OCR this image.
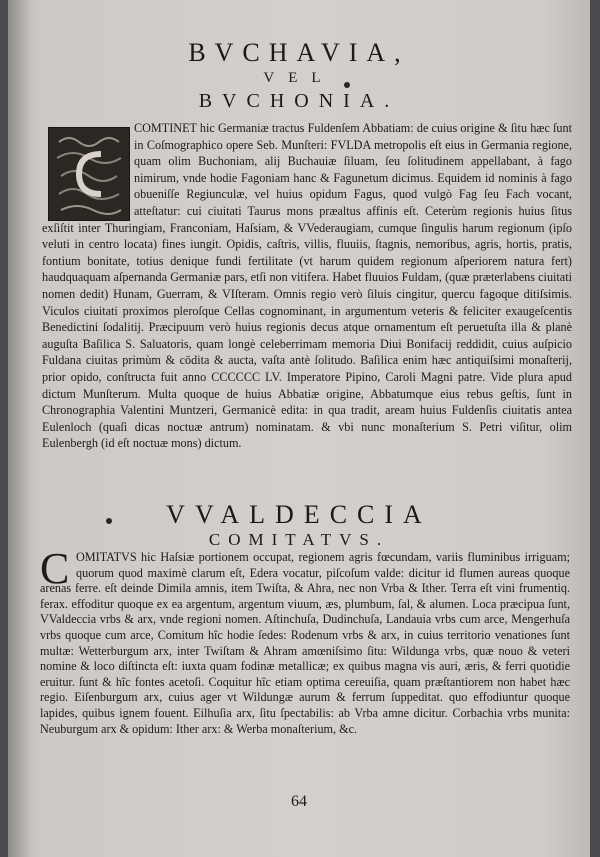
BVCHAVIA,
VEL
BVCHONIA.
COMTINET hic Germaniæ tractus Fuldenſem Abbatiam: de cuius origine & ſitu hæc ſunt in Coſmographico opere Seb. Munſteri: FVLDA metropolis eſt eius in Germania regione, quam olim Buchoniam, alij Buchauiæ ſiluam, ſeu ſolitudinem appellabant, à fago nimirum, vnde hodie Fagoniam hanc & Fagunetum dicimus. Equidem id nominis à fago obueniſſe Regiunculæ, vel huius opidum Fagus, quod vulgò Fag ſeu Fach vocant, atteſtatur: cui ciuitati Taurus mons præaltus affinis eſt. Ceterùm regionis huius ſitus exſiſtit inter Thuringiam, Franconiam, Haſsiam, & VVederaugiam, cumque ſingulis harum regionum (ipſo veluti in centro locata) fines iungit. Opidis, caſtris, villis, fluuiis, ſtagnis, nemoribus, agris, hortis, pratis, fontium bonitate, totius denique fundi fertilitate (vt harum quidem regionum aſperiorem natura fert) haudquaquam aſpernanda Germaniæ pars, etſi non vitifera. Habet fluuios Fuldam, (quæ præterlabens ciuitati nomen dedit) Hunam, Guerram, & VIſteram. Omnis regio verò ſiluis cingitur, quercu fagoque ditiſsimis. Viculos ciuitati proximos pleroſque Cellas cognominant, in argumentum veteris & feliciter exaugeſcentis Benedictini ſodalitij. Præcipuum verò huius regionis decus atque ornamentum eſt peruetuſta illa & planè auguſta Baſilica S. Saluatoris, quam longè celeberrimam memoria Diui Bonifacij reddidit, cuius auſpicio Fuldana ciuitas primùm & cōdita & aucta, vaſta antè ſolitudo. Baſilica enim hæc antiquiſsimi monaſterij, prior opido, conſtructa fuit anno CCCCCC LV. Imperatore Pipino, Caroli Magni patre. Vide plura apud dictum Munſterum. Multa quoque de huius Abbatiæ origine, Abbatumque eius rebus geſtis, ſunt in Chronographia Valentini Muntzeri, Germanicè edita: in qua tradit, aream huius Fuldenſis ciuitatis antea Eulenloch (quaſi dicas noctuæ antrum) nominatam. & vbi nunc monaſterium S. Petri viſitur, olim Eulenbergh (id eſt noctuæ mons) dictum.
VVALDECCIA
COMITATVS.
C OMITATVS hic Haſsiæ portionem occupat, regionem agris fœcundam, variis fluminibus irriguam; quorum quod maximè clarum eſt, Edera vocatur, piſcoſum valde: dicitur id flumen aureas quoque arenas ferre. eſt deinde Dimila amnis, item Twiſta, & Ahra, nec non Vrba & Ither. Terra eſt vini frumentiq. ferax. effoditur quoque ex ea argentum, argentum viuum, æs, plumbum, ſal, & alumen. Loca præcipua ſunt, VValdeccia vrbs & arx, vnde regioni nomen. Aſtinchuſa, Dudinchuſa, Landauia vrbs cum arce, Mengerhuſa vrbs quoque cum arce, Comitum hîc hodie ſedes: Rodenum vrbs & arx, in cuius territorio venationes ſunt multæ: Wetterburgum arx, inter Twiſtam & Ahram amœniſsimo ſitu: Wildunga vrbs, quæ nouo & veteri nomine & loco diſtincta eſt: iuxta quam fodinæ metallicæ; ex quibus magna vis auri, æris, & ferri quotidie eruitur. ſunt & hîc fontes acetoſi. Coquitur hîc etiam optima cereuiſia, quam præſtantiorem non habet hæc regio. Eiſenburgum arx, cuius ager vt Wildungæ aurum & ferrum ſuppeditat. quo effodiuntur quoque lapides, quibus ignem fouent. Eilhuſia arx, ſitu ſpectabilis: ab Vrba amne dicitur. Corbachia vrbs munita: Neuburgum arx & opidum: Ither arx: & Werba monaſterium, &c.
64
